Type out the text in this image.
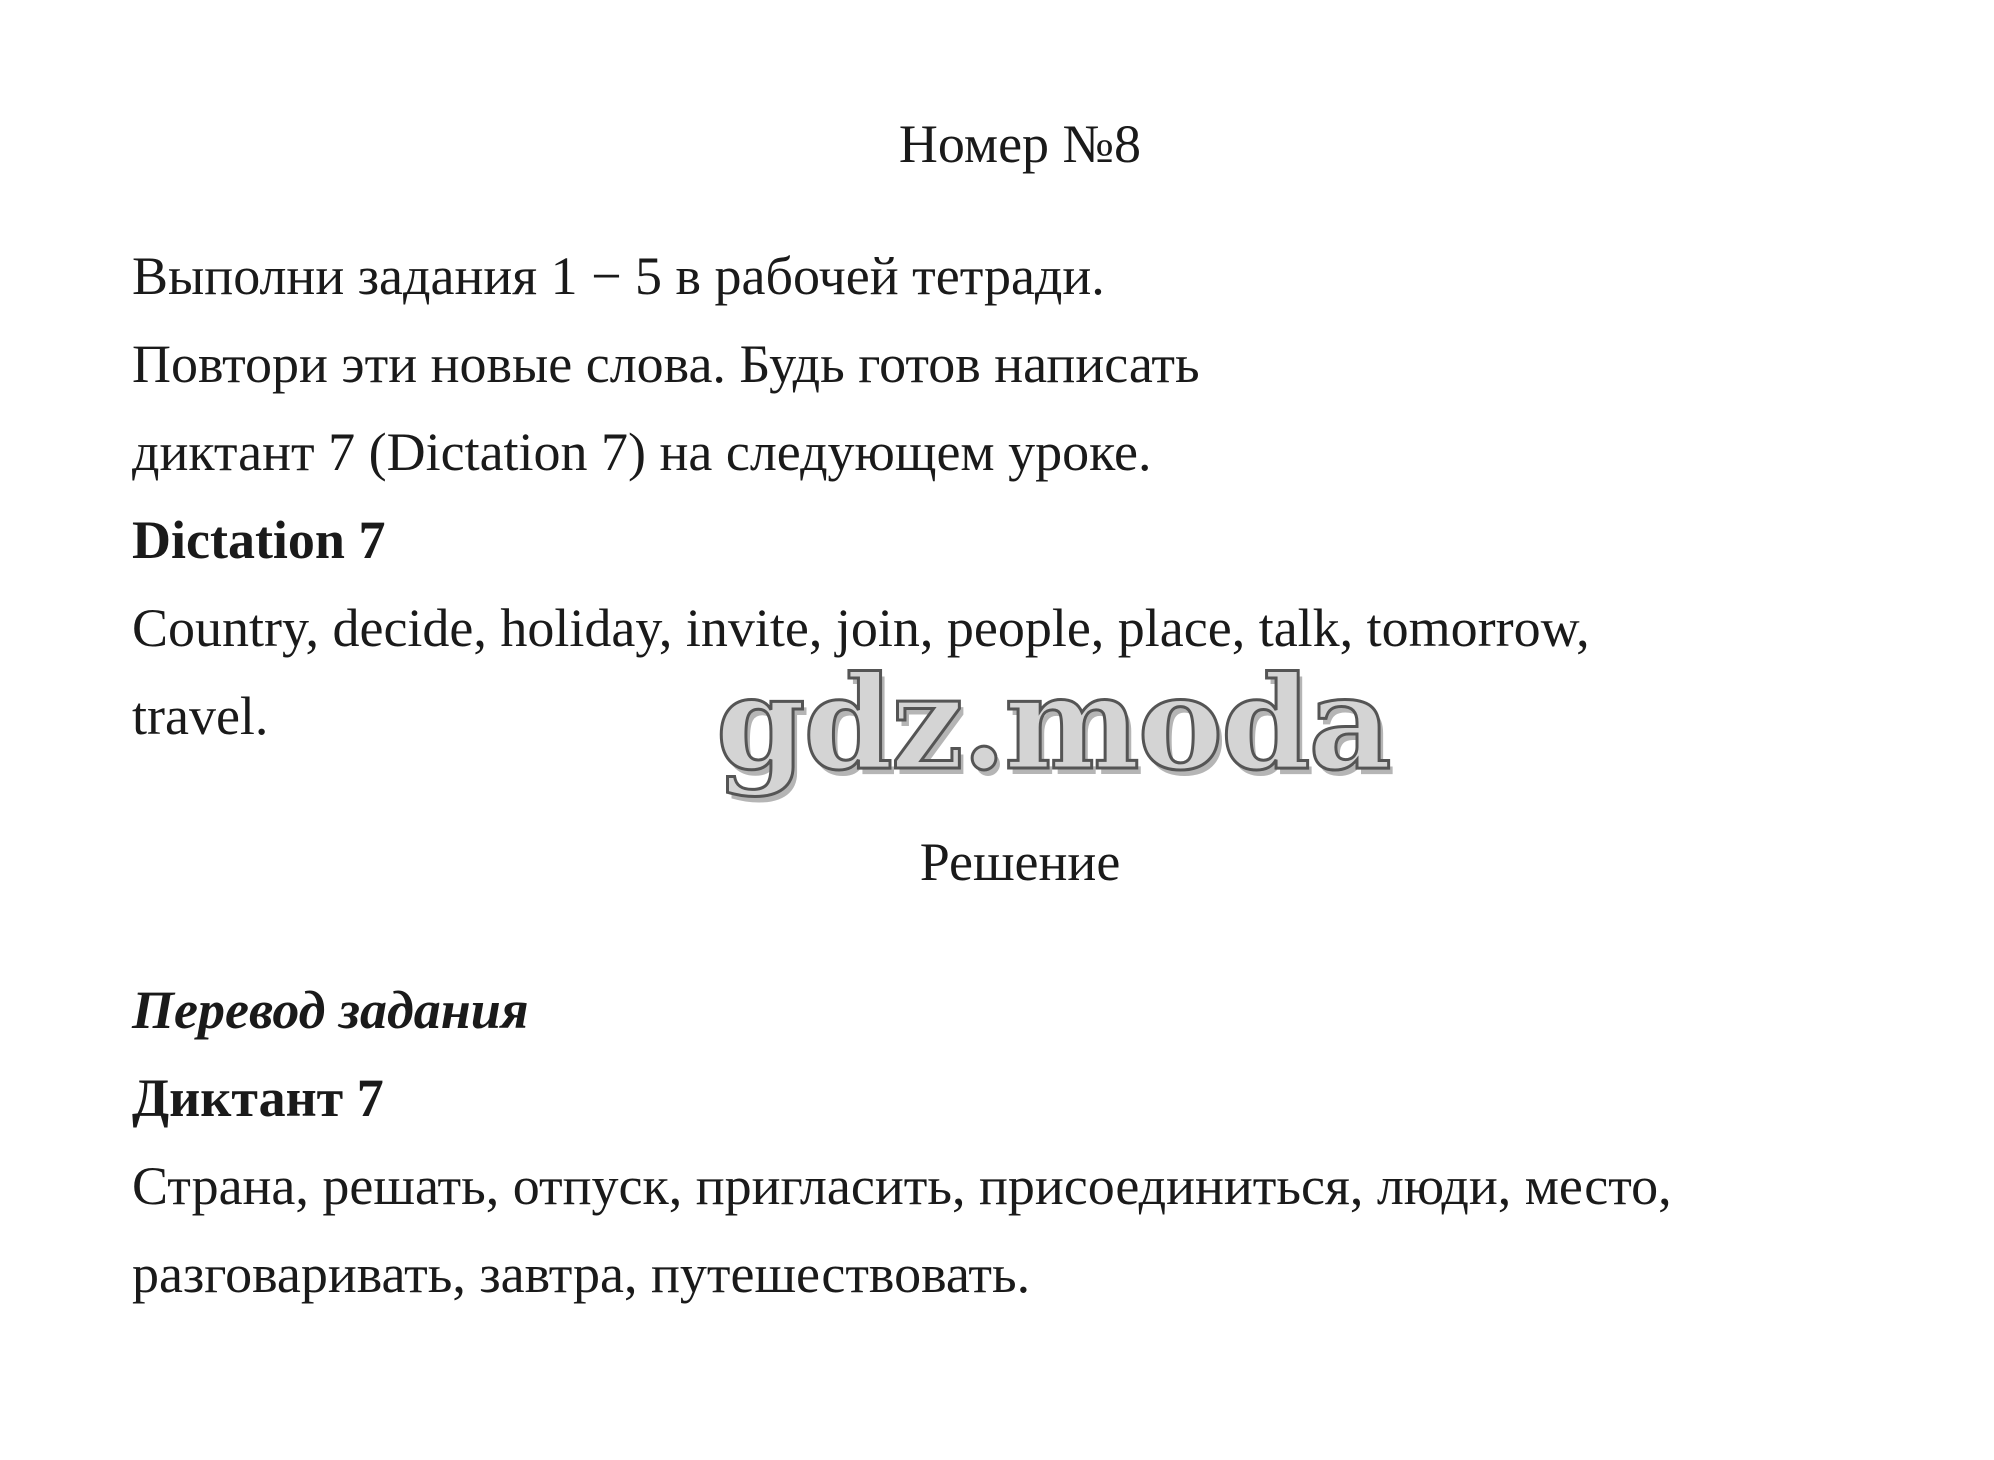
Номер №8
Выполни задания 1 − 5 в рабочей тетради.
Повтори эти новые слова. Будь готов написать
диктант 7 (Dictation 7) на следующем уроке.
Dictation 7
Country, decide, holiday, invite, join, people, place, talk, tomorrow,
travel.	gdz.moda
Решение
Перевод задания
Диктант 7
Страна, решать, отпуск, пригласить, присоединиться, люди, место,
разговаривать, завтра, путешествовать.
